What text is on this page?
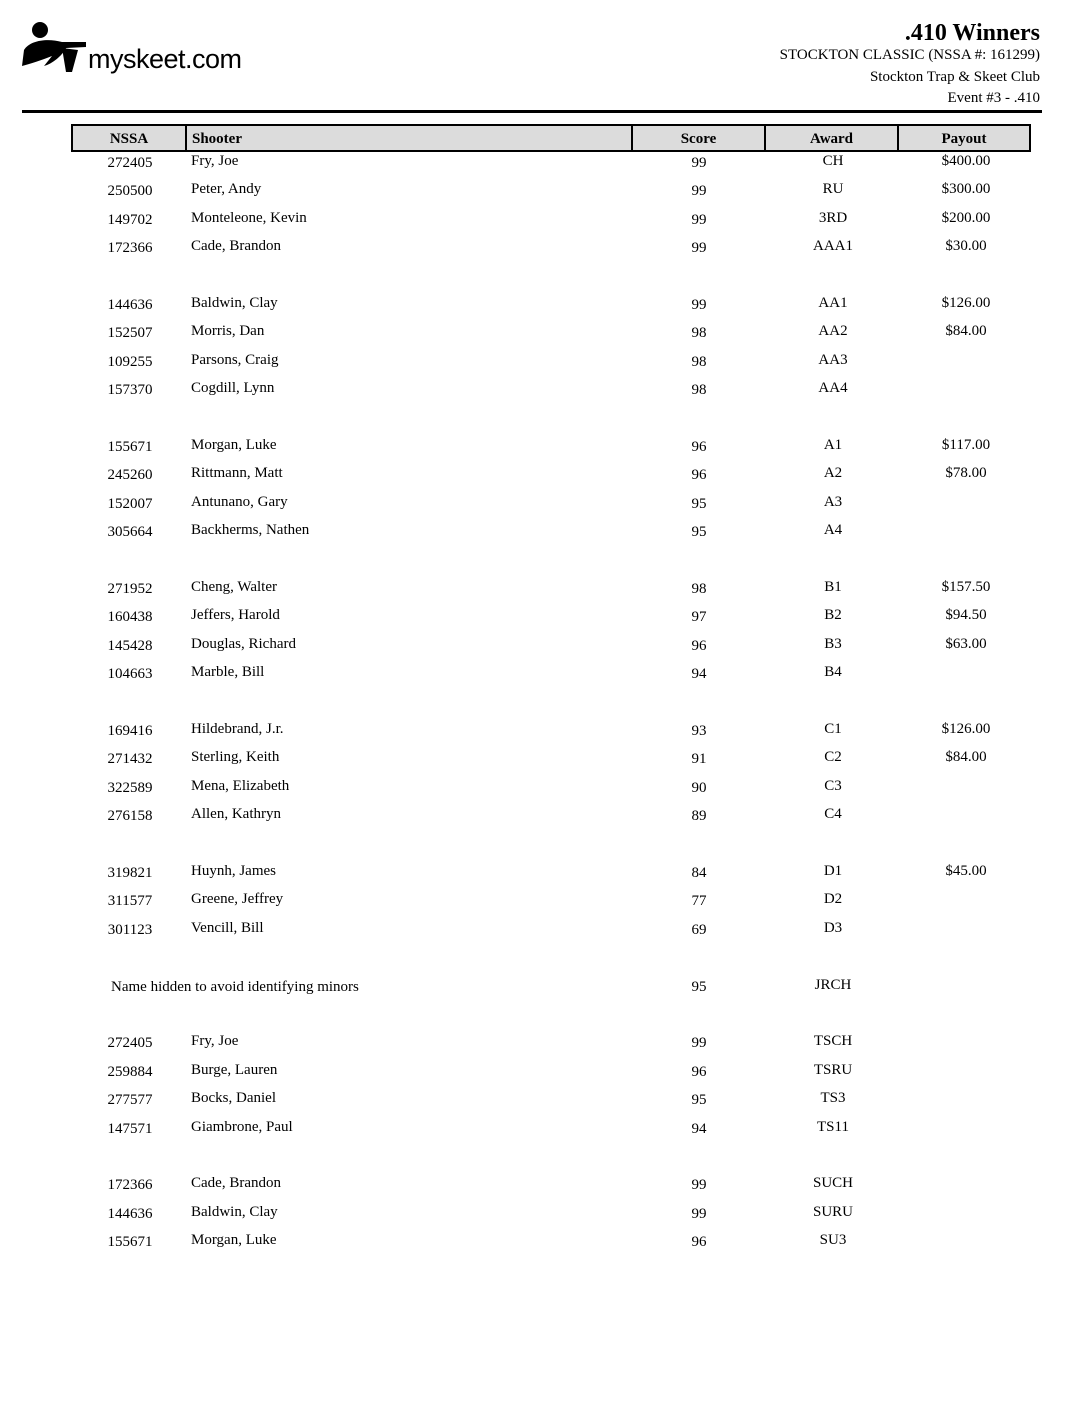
myskeet.com
.410 Winners
STOCKTON CLASSIC (NSSA #: 161299)
Stockton Trap & Skeet Club
Event #3 - .410
NSSA	Shooter	Score	Award	Payout
272405	Fry, Joe	99	CH	$400.00
250500	Peter, Andy	99	RU	$300.00
149702	Monteleone, Kevin	99	3RD	$200.00
172366	Cade, Brandon	99	AAA1	$30.00
144636	Baldwin, Clay	99	AA1	$126.00
152507	Morris, Dan	98	AA2	$84.00
109255	Parsons, Craig	98	AA3
157370	Cogdill, Lynn	98	AA4
155671	Morgan, Luke	96	A1	$117.00
245260	Rittmann, Matt	96	A2	$78.00
152007	Antunano, Gary	95	A3
305664	Backherms, Nathen	95	A4
271952	Cheng, Walter	98	B1	$157.50
160438	Jeffers, Harold	97	B2	$94.50
145428	Douglas, Richard	96	B3	$63.00
104663	Marble, Bill	94	B4
169416	Hildebrand, J.r.	93	C1	$126.00
271432	Sterling, Keith	91	C2	$84.00
322589	Mena, Elizabeth	90	C3
276158	Allen, Kathryn	89	C4
319821	Huynh, James	84	D1	$45.00
311577	Greene, Jeffrey	77	D2
301123	Vencill, Bill	69	D3
Name hidden to avoid identifying minors	95	JRCH
272405	Fry, Joe	99	TSCH
259884	Burge, Lauren	96	TSRU
277577	Bocks, Daniel	95	TS3
147571	Giambrone, Paul	94	TS11
172366	Cade, Brandon	99	SUCH
144636	Baldwin, Clay	99	SURU
155671	Morgan, Luke	96	SU3
